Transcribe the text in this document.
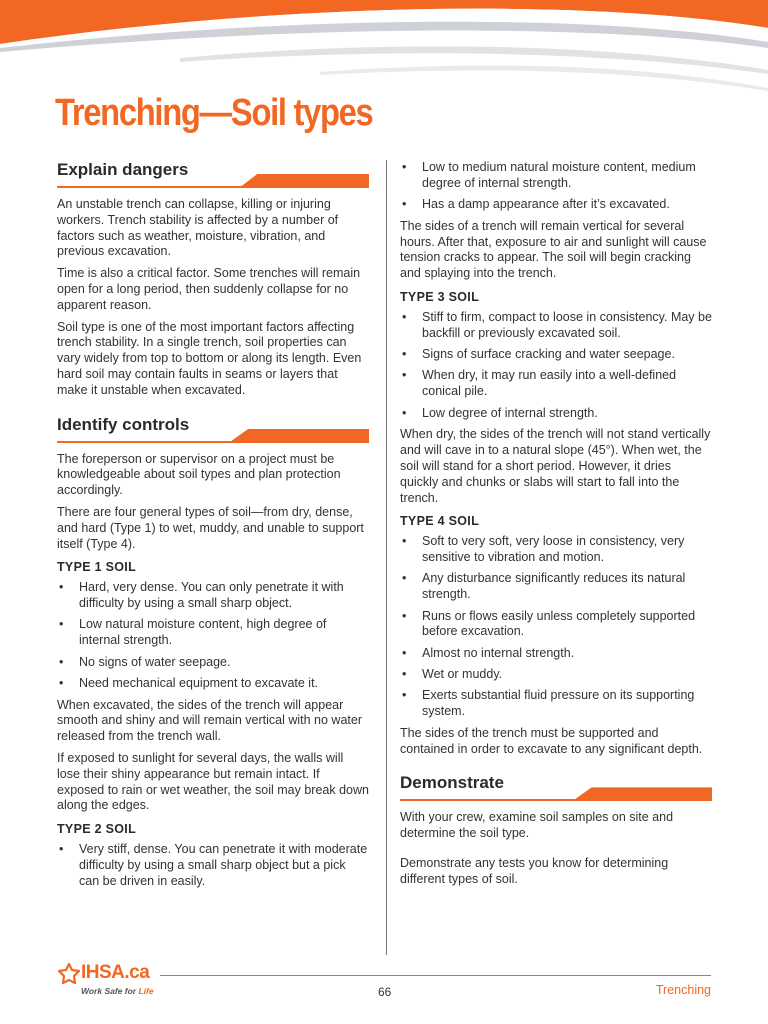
Trenching—Soil types
Explain dangers

An unstable trench can collapse, killing or injuring workers. Trench stability is affected by a number of factors such as weather, moisture, vibration, and previous excavation.

Time is also a critical factor. Some trenches will remain open for a long period, then suddenly collapse for no apparent reason.

Soil type is one of the most important factors affecting trench stability. In a single trench, soil properties can vary widely from top to bottom or along its length. Even hard soil may contain faults in seams or layers that make it unstable when excavated.

Identify controls

The foreperson or supervisor on a project must be knowledgeable about soil types and plan protection accordingly.

There are four general types of soil—from dry, dense, and hard (Type 1) to wet, muddy, and unable to support itself (Type 4).

TYPE 1 SOIL
• Hard, very dense. You can only penetrate it with difficulty by using a small sharp object.
• Low natural moisture content, high degree of internal strength.
• No signs of water seepage.
• Need mechanical equipment to excavate it.

When excavated, the sides of the trench will appear smooth and shiny and will remain vertical with no water released from the trench wall.

If exposed to sunlight for several days, the walls will lose their shiny appearance but remain intact. If exposed to rain or wet weather, the soil may break down along the edges.

TYPE 2 SOIL
• Very stiff, dense. You can penetrate it with moderate difficulty by using a small sharp object but a pick can be driven in easily.
• Low to medium natural moisture content, medium degree of internal strength.
• Has a damp appearance after it’s excavated.

The sides of a trench will remain vertical for several hours. After that, exposure to air and sunlight will cause tension cracks to appear. The soil will begin cracking and splaying into the trench.

TYPE 3 SOIL
• Stiff to firm, compact to loose in consistency. May be backfill or previously excavated soil.
• Signs of surface cracking and water seepage.
• When dry, it may run easily into a well-defined conical pile.
• Low degree of internal strength.

When dry, the sides of the trench will not stand vertically and will cave in to a natural slope (45°). When wet, the soil will stand for a short period. However, it dries quickly and chunks or slabs will start to fall into the trench.

TYPE 4 SOIL
• Soft to very soft, very loose in consistency, very sensitive to vibration and motion.
• Any disturbance significantly reduces its natural strength.
• Runs or flows easily unless completely supported before excavation.
• Almost no internal strength.
• Wet or muddy.
• Exerts substantial fluid pressure on its supporting system.

The sides of the trench must be supported and contained in order to excavate to any significant depth.

Demonstrate

With your crew, examine soil samples on site and determine the soil type.

Demonstrate any tests you know for determining different types of soil.

IHSA.ca
Work Safe for Life	66	Trenching
